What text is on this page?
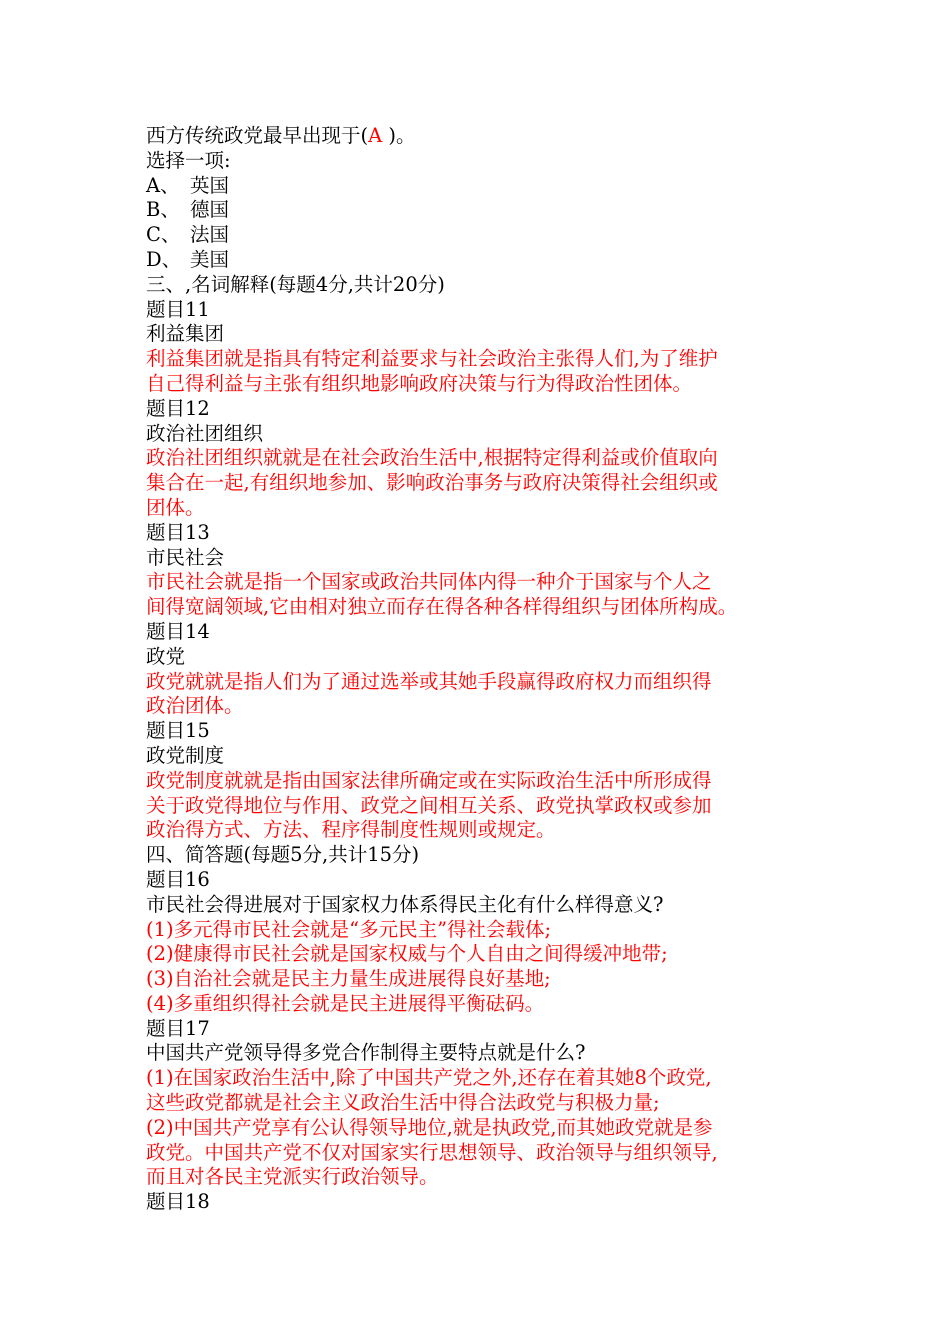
西方传统政党最早出现于(A )。
选择一项:
A、 英国
B、 德国
C、 法国
D、 美国
三、,名词解释(每题4分,共计20分)
题目11
利益集团
利益集团就是指具有特定利益要求与社会政治主张得人们,为了维护
自己得利益与主张有组织地影响政府决策与行为得政治性团体。
题目12
政治社团组织
政治社团组织就就是在社会政治生活中,根据特定得利益或价值取向
集合在一起,有组织地参加、影响政治事务与政府决策得社会组织或
团体。
题目13
市民社会
市民社会就是指一个国家或政治共同体内得一种介于国家与个人之
间得宽阔领域,它由相对独立而存在得各种各样得组织与团体所构成。
题目14
政党
政党就就是指人们为了通过选举或其她手段赢得政府权力而组织得
政治团体。
题目15
政党制度
政党制度就就是指由国家法律所确定或在实际政治生活中所形成得
关于政党得地位与作用、政党之间相互关系、政党执掌政权或参加
政治得方式、方法、程序得制度性规则或规定。
四、简答题(每题5分,共计15分)
题目16
市民社会得进展对于国家权力体系得民主化有什么样得意义?
(1)多元得市民社会就是“多元民主”得社会载体;
(2)健康得市民社会就是国家权威与个人自由之间得缓冲地带;
(3)自治社会就是民主力量生成进展得良好基地;
(4)多重组织得社会就是民主进展得平衡砝码。
题目17
中国共产党领导得多党合作制得主要特点就是什么?
(1)在国家政治生活中,除了中国共产党之外,还存在着其她8个政党,
这些政党都就是社会主义政治生活中得合法政党与积极力量;
(2)中国共产党享有公认得领导地位,就是执政党,而其她政党就是参
政党。中国共产党不仅对国家实行思想领导、政治领导与组织领导,
而且对各民主党派实行政治领导。
题目18
